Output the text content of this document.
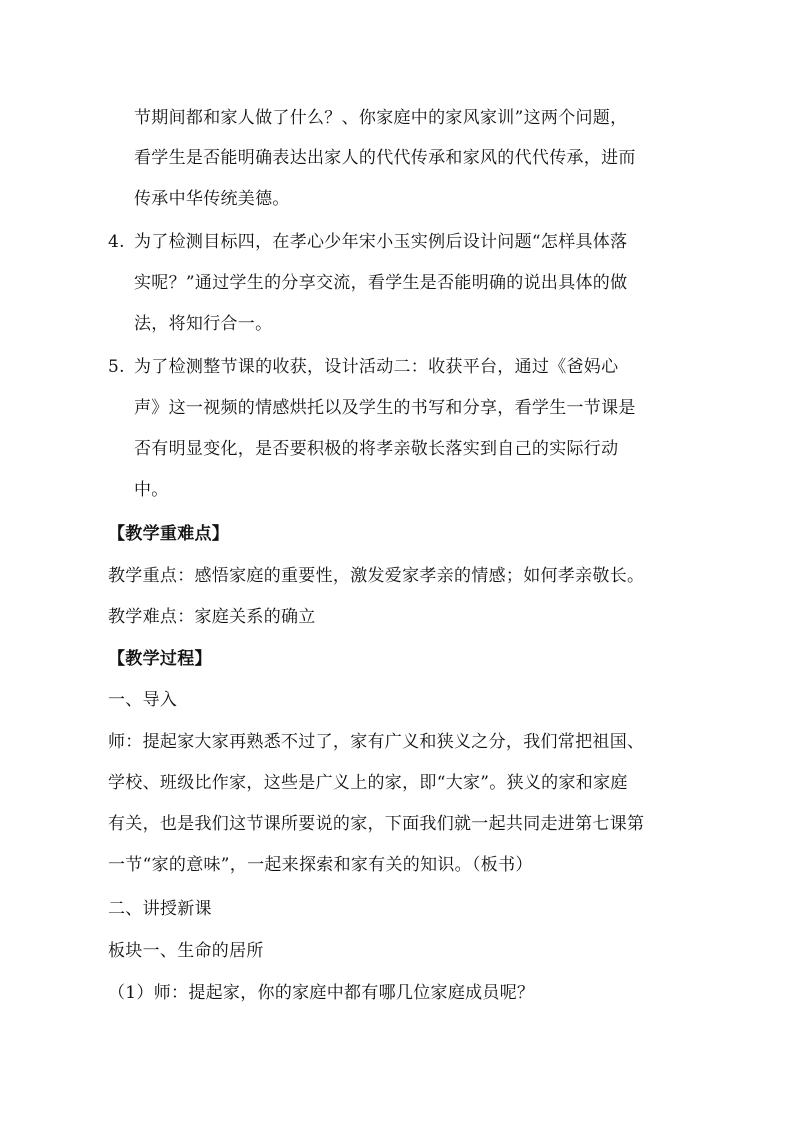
节期间都和家人做了什么？、你家庭中的家风家训”这两个问题，
看学生是否能明确表达出家人的代代传承和家风的代代传承，进而
传承中华传统美德。
4. 为了检测目标四，在孝心少年宋小玉实例后设计问题“怎样具体落
实呢？”通过学生的分享交流，看学生是否能明确的说出具体的做
法，将知行合一。
5. 为了检测整节课的收获，设计活动二：收获平台，通过《爸妈心
声》这一视频的情感烘托以及学生的书写和分享，看学生一节课是
否有明显变化，是否要积极的将孝亲敬长落实到自己的实际行动
中。
【教学重难点】
教学重点：感悟家庭的重要性，激发爱家孝亲的情感；如何孝亲敬长。
教学难点：家庭关系的确立
【教学过程】
一、导入
师：提起家大家再熟悉不过了，家有广义和狭义之分，我们常把祖国、
学校、班级比作家，这些是广义上的家，即“大家”。狭义的家和家庭
有关，也是我们这节课所要说的家，下面我们就一起共同走进第七课第
一节“家的意味”，一起来探索和家有关的知识。（板书）
二、讲授新课
板块一、生命的居所
（1）师：提起家，你的家庭中都有哪几位家庭成员呢？
